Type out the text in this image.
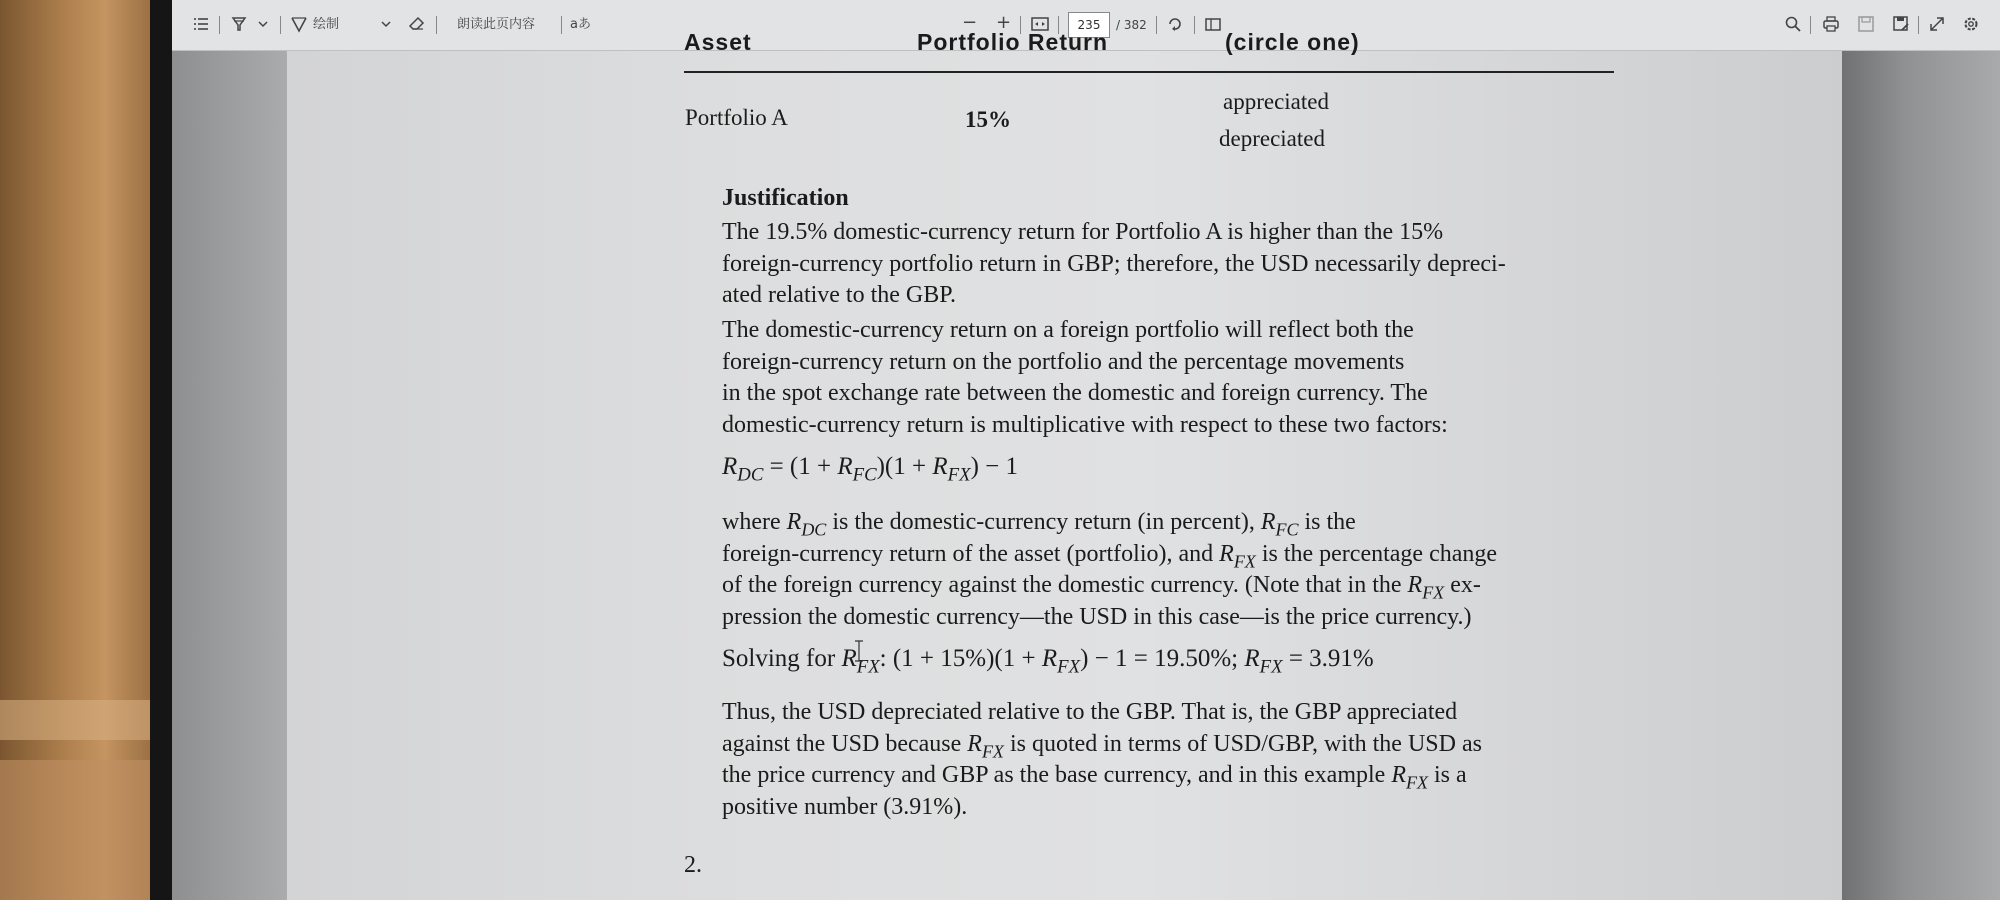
绘制	朗读此页内容	aあ	− +	235	/ 382
Asset	Portfolio Return	(circle one)
Portfolio A	15%
appreciated
depreciated
Justification
The 19.5% domestic-currency return for Portfolio A is higher than the 15%
foreign-currency portfolio return in GBP; therefore, the USD necessarily depreci-
ated relative to the GBP.
The domestic-currency return on a foreign portfolio will reflect both the
foreign-currency return on the portfolio and the percentage movements
in the spot exchange rate between the domestic and foreign currency. The
domestic-currency return is multiplicative with respect to these two factors:
$R_{DC} = (1 + R_{FC})(1 + R_{FX}) - 1$
where $R_{DC}$ is the domestic-currency return (in percent), $R_{FC}$ is the
foreign-currency return of the asset (portfolio), and $R_{FX}$ is the percentage change
of the foreign currency against the domestic currency. (Note that in the $R_{FX}$ ex-
pression the domestic currency—the USD in this case—is the price currency.)
Solving for $R_{FX}$: $(1 + 15\%)(1 + R_{FX}) - 1 = 19.50\%$; $R_{FX} = 3.91\%$
Thus, the USD depreciated relative to the GBP. That is, the GBP appreciated
against the USD because $R_{FX}$ is quoted in terms of USD/GBP, with the USD as
the price currency and GBP as the base currency, and in this example $R_{FX}$ is a
positive number (3.91%).
2.
